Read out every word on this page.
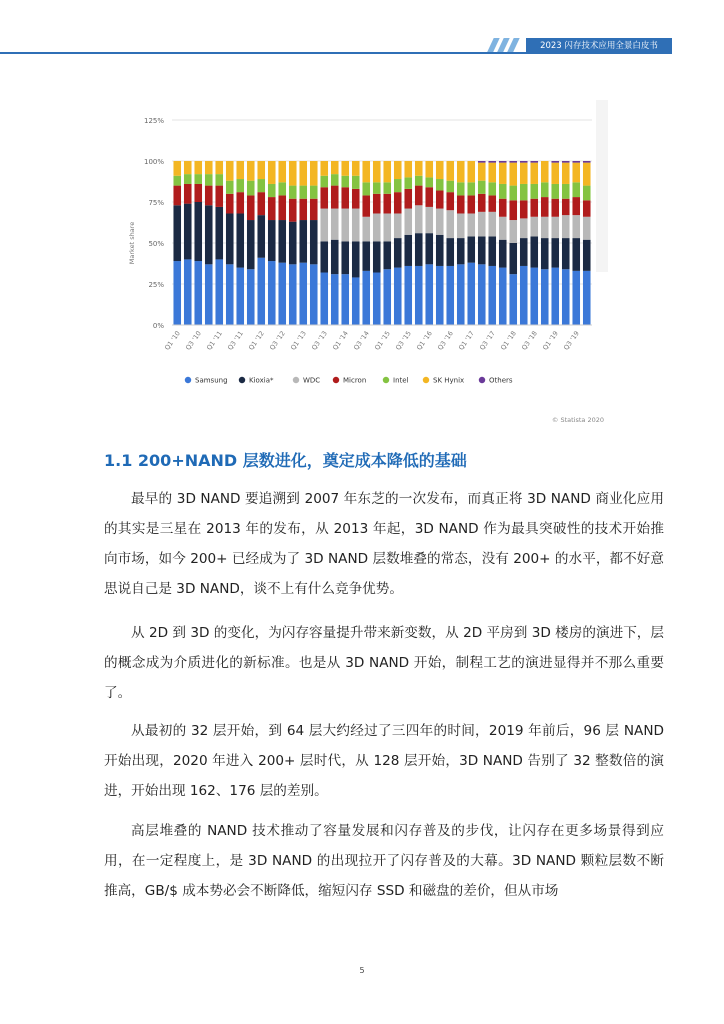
2023 闪存技术应用全景白皮书
0%
25%
50%
75%
100%
125%
Market share
Q1 '10 Q3 '10 Q1 '11 Q3 '11 Q1 '12 Q3 '12 Q1 '13 Q3 '13 Q1 '14 Q3 '14 Q1 '15 Q3 '15 Q1 '16 Q3 '16 Q1 '17 Q3 '17 Q1 '18 Q3 '18 Q1 '19 Q3 '19
Samsung	Kioxia*	WDC	Micron	Intel	SK Hynix	Others
© Statista 2020
1.1 200+NAND 层数进化，奠定成本降低的基础

最早的 3D NAND 要追溯到 2007 年东芝的一次发布，而真正将 3D NAND 商业化应用的其实是三星在 2013 年的发布，从 2013 年起，3D NAND 作为最具突破性的技术开始推向市场，如今 200+ 已经成为了 3D NAND 层数堆叠的常态，没有 200+ 的水平，都不好意思说自己是 3D NAND，谈不上有什么竞争优势。

从 2D 到 3D 的变化，为闪存容量提升带来新变数，从 2D 平房到 3D 楼房的演进下，层的概念成为介质进化的新标准。也是从 3D NAND 开始，制程工艺的演进显得并不那么重要了。

从最初的 32 层开始，到 64 层大约经过了三四年的时间，2019 年前后，96 层 NAND 开始出现，2020 年进入 200+ 层时代，从 128 层开始，3D NAND 告别了 32 整数倍的演进，开始出现 162、176 层的差别。

高层堆叠的 NAND 技术推动了容量发展和闪存普及的步伐，让闪存在更多场景得到应用，在一定程度上，是 3D NAND 的出现拉开了闪存普及的大幕。3D NAND 颗粒层数不断推高，GB/$ 成本势必会不断降低，缩短闪存 SSD 和磁盘的差价，但从市场

5
